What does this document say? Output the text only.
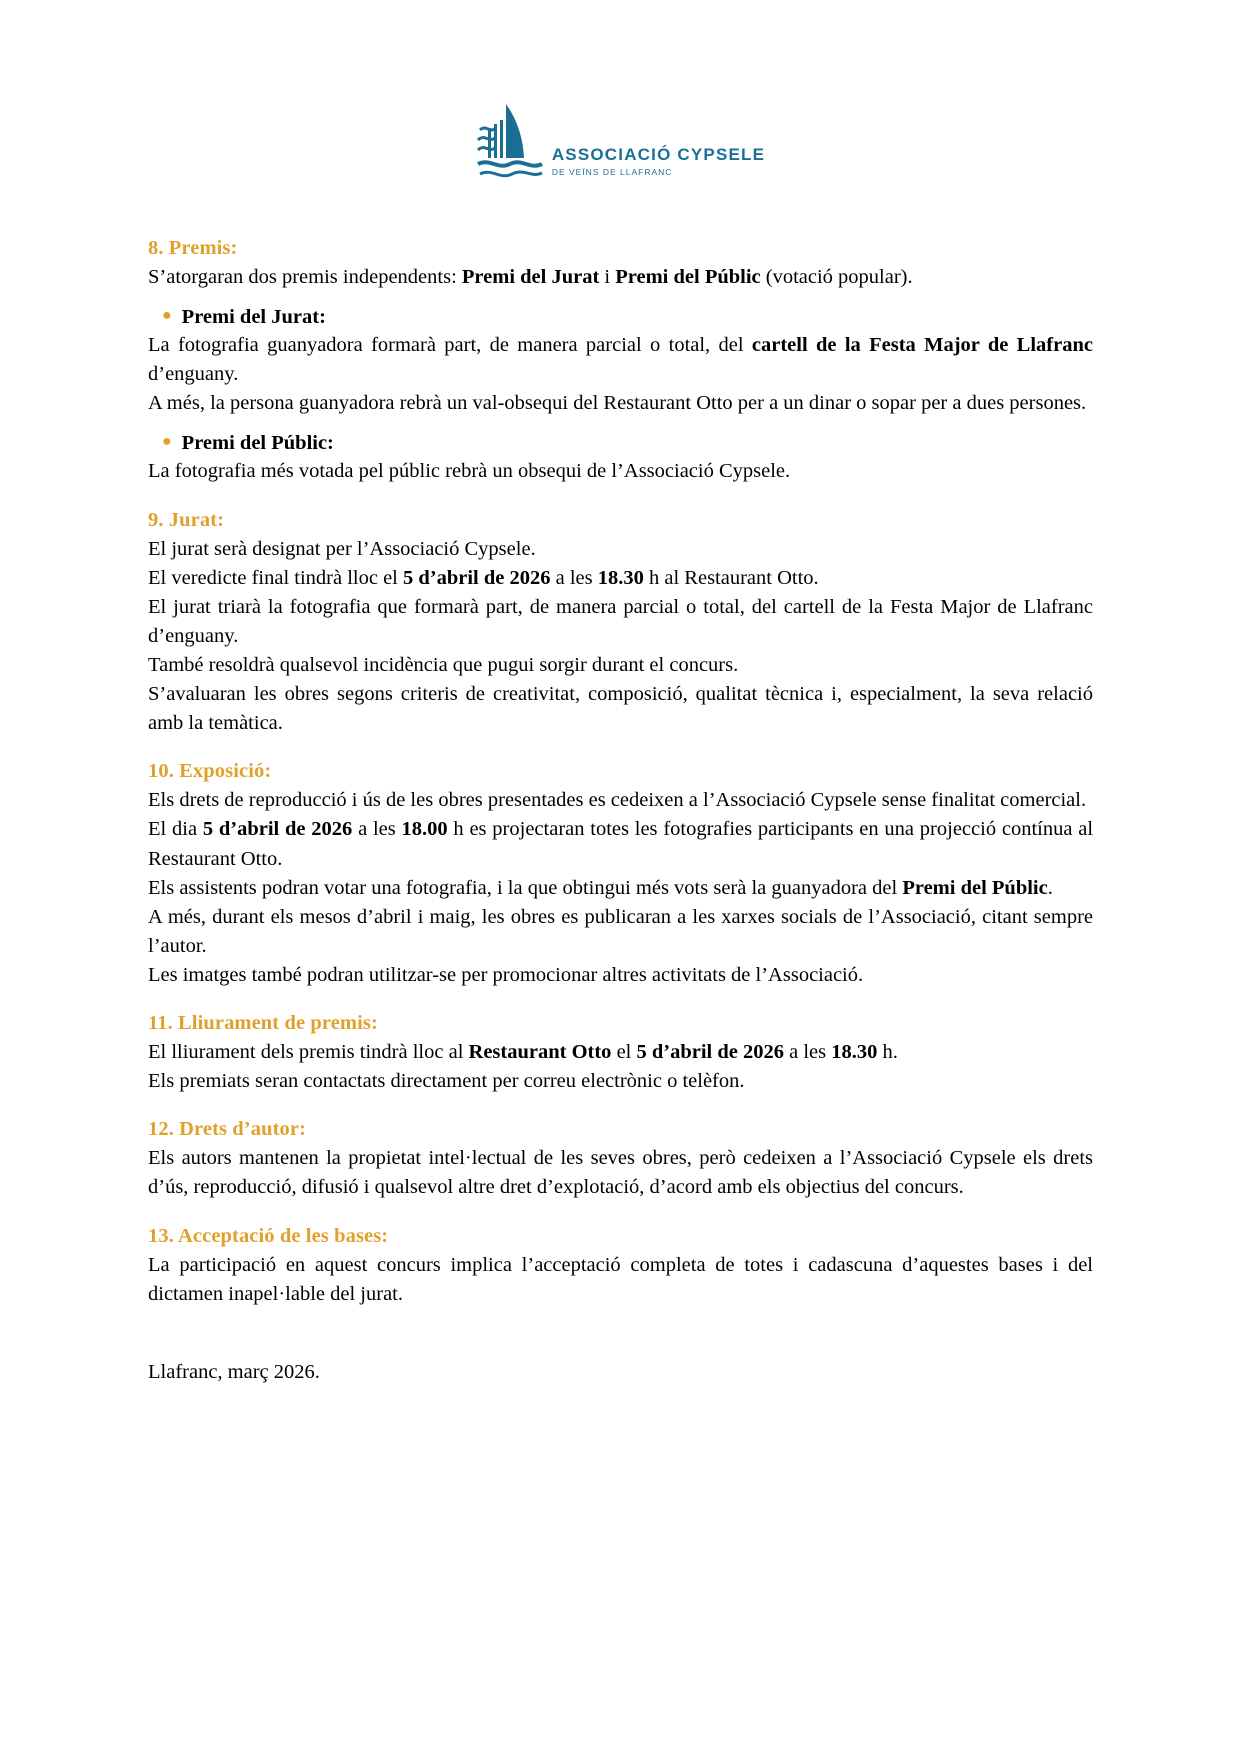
ASSOCIACIÓ CYPSELE
DE VEÏNS DE LLAFRANC
8. Premis:

S’atorgaran dos premis independents: Premi del Jurat i Premi del Públic (votació popular).

● Premi del Jurat:

La fotografia guanyadora formarà part, de manera parcial o total, del cartell de la Festa Major de Llafranc d’enguany.

A més, la persona guanyadora rebrà un val-obsequi del Restaurant Otto per a un dinar o sopar per a dues persones.

● Premi del Públic:

La fotografia més votada pel públic rebrà un obsequi de l’Associació Cypsele.

9. Jurat:

El jurat serà designat per l’Associació Cypsele.

El veredicte final tindrà lloc el 5 d’abril de 2026 a les 18.30 h al Restaurant Otto.

El jurat triarà la fotografia que formarà part, de manera parcial o total, del cartell de la Festa Major de Llafranc d’enguany.

També resoldrà qualsevol incidència que pugui sorgir durant el concurs.

S’avaluaran les obres segons criteris de creativitat, composició, qualitat tècnica i, especialment, la seva relació amb la temàtica.

10. Exposició:

Els drets de reproducció i ús de les obres presentades es cedeixen a l’Associació Cypsele sense finalitat comercial.

El dia 5 d’abril de 2026 a les 18.00 h es projectaran totes les fotografies participants en una projecció contínua al Restaurant Otto.

Els assistents podran votar una fotografia, i la que obtingui més vots serà la guanyadora del Premi del Públic.

A més, durant els mesos d’abril i maig, les obres es publicaran a les xarxes socials de l’Associació, citant sempre l’autor.

Les imatges també podran utilitzar-se per promocionar altres activitats de l’Associació.

11. Lliurament de premis:

El lliurament dels premis tindrà lloc al Restaurant Otto el 5 d’abril de 2026 a les 18.30 h.

Els premiats seran contactats directament per correu electrònic o telèfon.

12. Drets d’autor:

Els autors mantenen la propietat intel·lectual de les seves obres, però cedeixen a l’Associació Cypsele els drets d’ús, reproducció, difusió i qualsevol altre dret d’explotació, d’acord amb els objectius del concurs.

13. Acceptació de les bases:

La participació en aquest concurs implica l’acceptació completa de totes i cadascuna d’aquestes bases i del dictamen inapel·lable del jurat.

Llafranc, març 2026.
